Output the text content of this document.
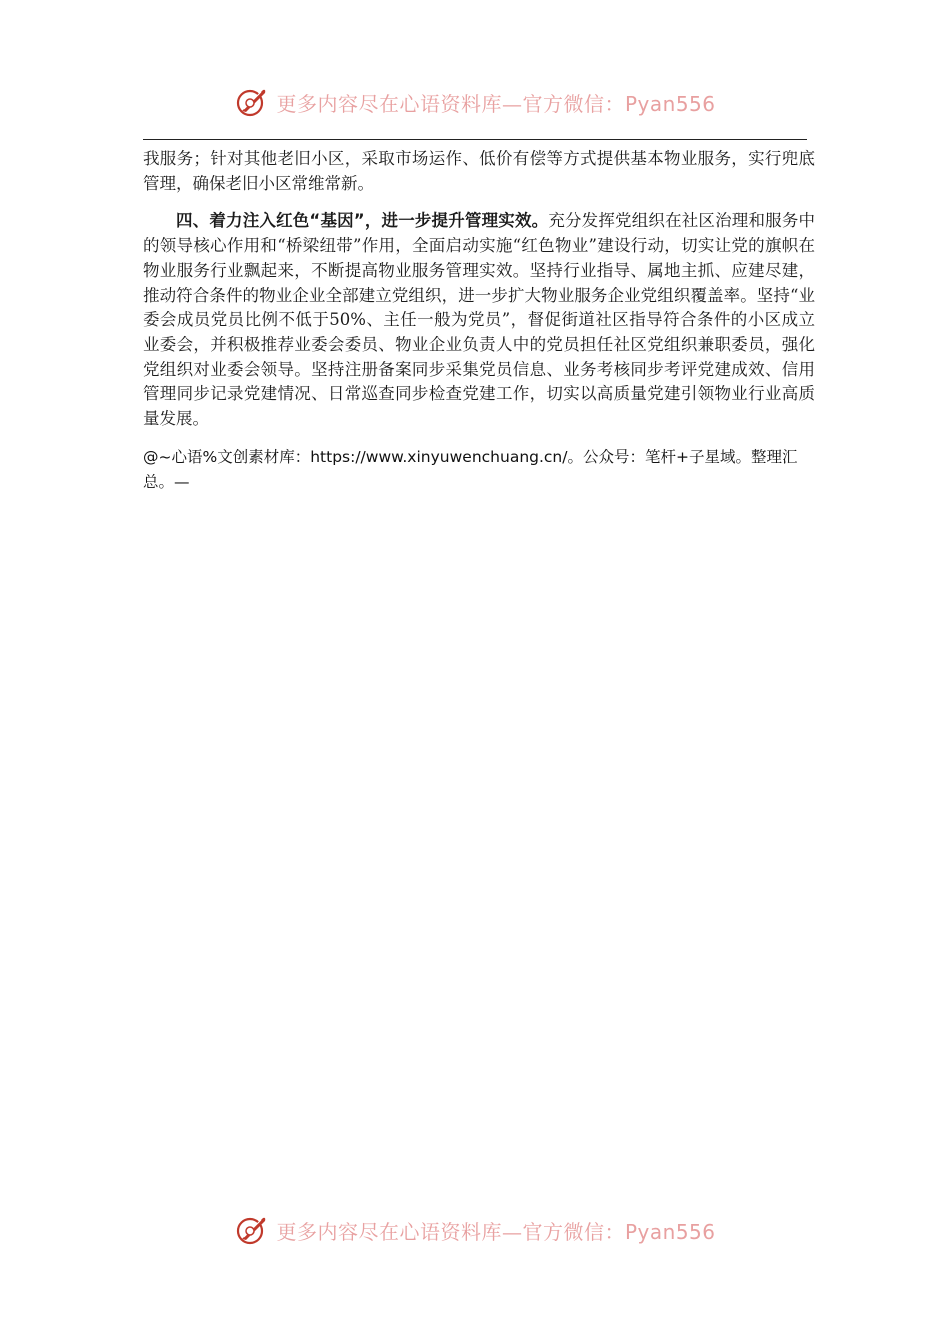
更多内容尽在心语资料库—官方微信：Pyan556

我服务；针对其他老旧小区，采取市场运作、低价有偿等方式提供基本物业服务，实行兜底管理，确保老旧小区常维常新。

四、着力注入红色“基因”，进一步提升管理实效。充分发挥党组织在社区治理和服务中的领导核心作用和“桥梁纽带”作用，全面启动实施“红色物业”建设行动，切实让党的旗帜在物业服务行业飘起来，不断提高物业服务管理实效。坚持行业指导、属地主抓、应建尽建，推动符合条件的物业企业全部建立党组织，进一步扩大物业服务企业党组织覆盖率。坚持“业委会成员党员比例不低于50%、主任一般为党员”，督促街道社区指导符合条件的小区成立业委会，并积极推荐业委会委员、物业企业负责人中的党员担任社区党组织兼职委员，强化党组织对业委会领导。坚持注册备案同步采集党员信息、业务考核同步考评党建成效、信用管理同步记录党建情况、日常巡查同步检查党建工作，切实以高质量党建引领物业行业高质量发展。

@~心语%文创素材库：https://www.xinyuwenchuang.cn/。公众号：笔杆+子星域。整理汇总。—

更多内容尽在心语资料库—官方微信：Pyan556
